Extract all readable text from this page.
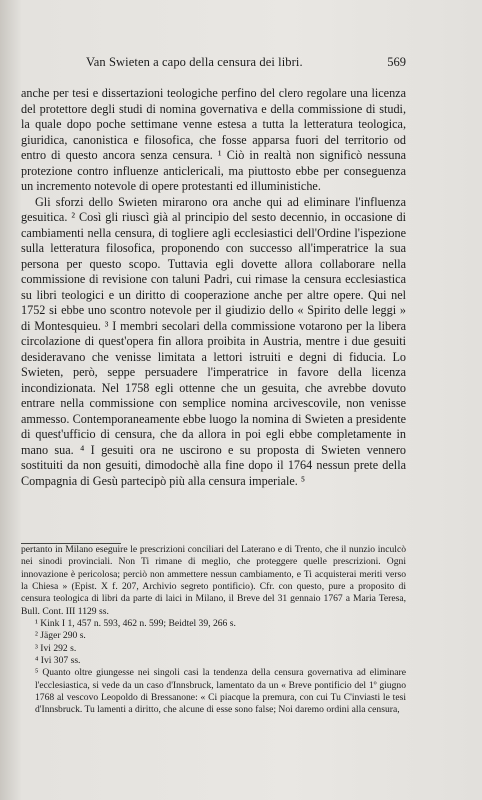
Van Swieten a capo della censura dei libri.	569

anche per tesi e dissertazioni teologiche perfino del clero regolare una licenza del protettore degli studi di nomina governativa e della commissione di studi, la quale dopo poche settimane venne estesa a tutta la letteratura teologica, giuridica, canonistica e filosofica, che fosse apparsa fuori del territorio od entro di questo ancora senza censura. ¹ Ciò in realtà non significò nessuna protezione contro influenze anticlericali, ma piuttosto ebbe per conseguenza un incremento notevole di opere protestanti ed illuministiche.

Gli sforzi dello Swieten mirarono ora anche qui ad eliminare l'influenza gesuitica. ² Così gli riuscì già al principio del sesto decennio, in occasione di cambiamenti nella censura, di togliere agli ecclesiastici dell'Ordine l'ispezione sulla letteratura filosofica, proponendo con successo all'imperatrice la sua persona per questo scopo. Tuttavia egli dovette allora collaborare nella commissione di revisione con taluni Padri, cui rimase la censura ecclesiastica su libri teologici e un diritto di cooperazione anche per altre opere. Qui nel 1752 si ebbe uno scontro notevole per il giudizio dello « Spirito delle leggi » di Montesquieu. ³ I membri secolari della commissione votarono per la libera circolazione di quest'opera fin allora proibita in Austria, mentre i due gesuiti desideravano che venisse limitata a lettori istruiti e degni di fiducia. Lo Swieten, però, seppe persuadere l'imperatrice in favore della licenza incondizionata. Nel 1758 egli ottenne che un gesuita, che avrebbe dovuto entrare nella commissione con semplice nomina arcivescovile, non venisse ammesso. Contemporaneamente ebbe luogo la nomina di Swieten a presidente di quest'ufficio di censura, che da allora in poi egli ebbe completamente in mano sua. ⁴ I gesuiti ora ne uscirono e su proposta di Swieten vennero sostituiti da non gesuiti, dimodochè alla fine dopo il 1764 nessun prete della Compagnia di Gesù partecipò più alla censura imperiale. ⁵

pertanto in Milano eseguire le prescrizioni conciliari del Laterano e di Trento, che il nunzio inculcò nei sinodi provinciali. Non Ti rimane di meglio, che proteggere quelle prescrizioni. Ogni innovazione è pericolosa; perciò non ammettere nessun cambiamento, e Ti acquisterai meriti verso la Chiesa » (Epist. X f. 207, Archivio segreto pontificio). Cfr. con questo, pure a proposito di censura teologica di libri da parte di laici in Milano, il Breve del 31 gennaio 1767 a Maria Teresa, Bull. Cont. III 1129 ss.

¹ Kink I 1, 457 n. 593, 462 n. 599; Beidtel 39, 266 s.

² Jäger 290 s.

³ Ivi 292 s.

⁴ Ivi 307 ss.

⁵ Quanto oltre giungesse nei singoli casi la tendenza della censura governativa ad eliminare l'ecclesiastica, si vede da un caso d'Innsbruck, lamentato da un « Breve pontificio del 1º giugno 1768 al vescovo Leopoldo di Bressanone: « Ci piacque la premura, con cui Tu C'inviasti le tesi d'Innsbruck. Tu lamenti a diritto, che alcune di esse sono false; Noi daremo ordini alla censura,
